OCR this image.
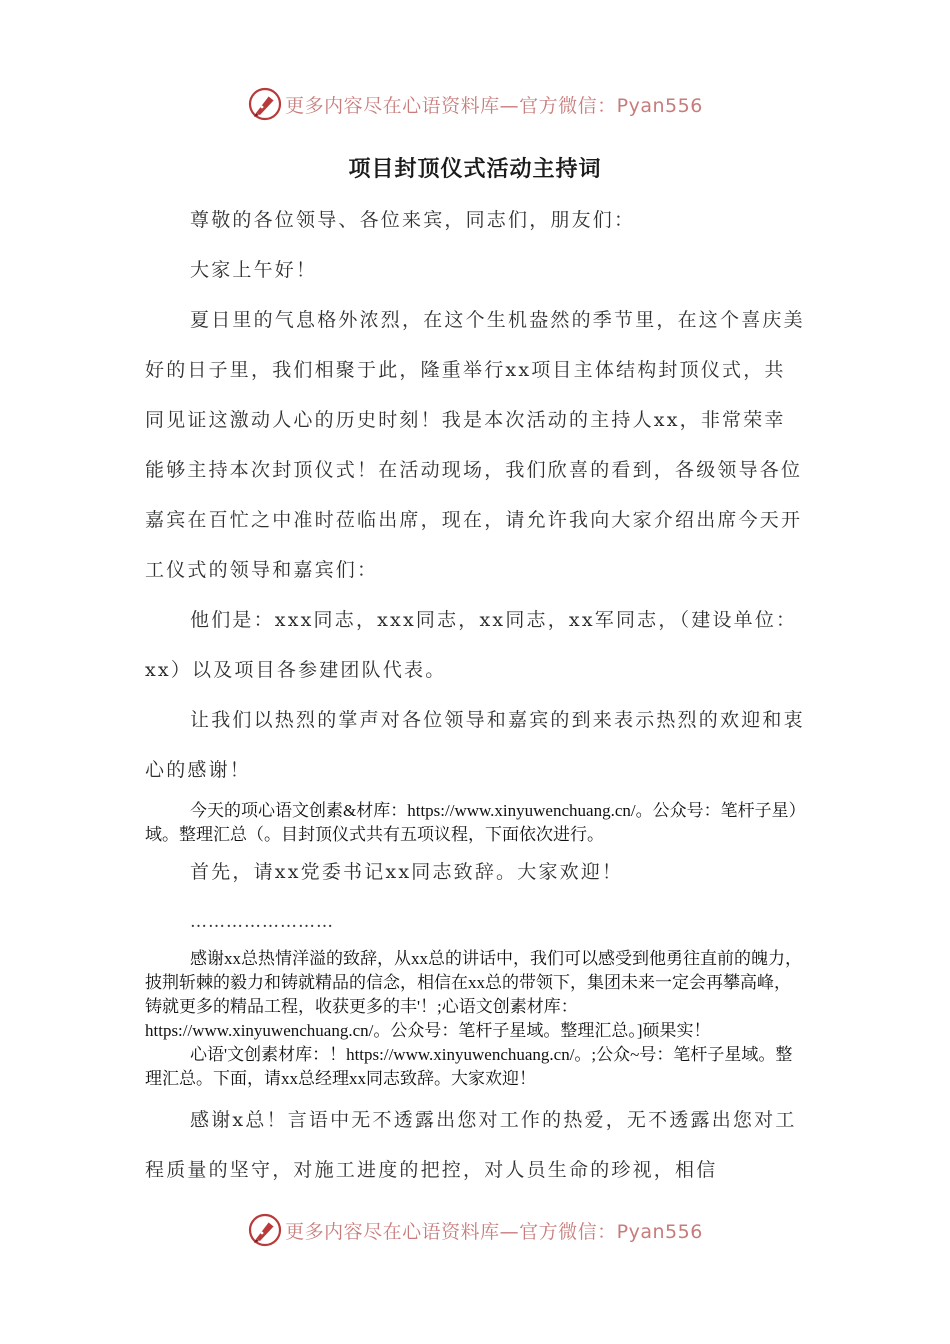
更多内容尽在心语资料库—官方微信：Pyan556
项目封顶仪式活动主持词

尊敬的各位领导、各位来宾，同志们，朋友们：

大家上午好！

夏日里的气息格外浓烈，在这个生机盎然的季节里，在这个喜庆美好的日子里，我们相聚于此，隆重举行xx项目主体结构封顶仪式，共同见证这激动人心的历史时刻！我是本次活动的主持人xx，非常荣幸能够主持本次封顶仪式！在活动现场，我们欣喜的看到，各级领导各位嘉宾在百忙之中准时莅临出席，现在，请允许我向大家介绍出席今天开工仪式的领导和嘉宾们：

他们是：xxx同志，xxx同志，xx同志，xx军同志，（建设单位：xx）以及项目各参建团队代表。

让我们以热烈的掌声对各位领导和嘉宾的到来表示热烈的欢迎和衷心的感谢！

今天的项心语文创素&材库：https://www.xinyuwenchuang.cn/。公众号：笔杆子星）域。整理汇总（。目封顶仪式共有五项议程，下面依次进行。

首先，请xx党委书记xx同志致辞。大家欢迎！

……………………

感谢xx总热情洋溢的致辞，从xx总的讲话中，我们可以感受到他勇往直前的魄力，披荆斩棘的毅力和铸就精品的信念，相信在xx总的带领下，集团未来一定会再攀高峰，铸就更多的精品工程，收获更多的丰'！;心语文创素材库：https://www.xinyuwenchuang.cn/。公众号：笔杆子星域。整理汇总。]硕果实！

心语'文创素材库：！https://www.xinyuwenchuang.cn/。;公众~号：笔杆子星域。整理汇总。下面，请xx总经理xx同志致辞。大家欢迎！

感谢x总！言语中无不透露出您对工作的热爱，无不透露出您对工程质量的坚守，对施工进度的把控，对人员生命的珍视，相信

更多内容尽在心语资料库—官方微信：Pyan556
